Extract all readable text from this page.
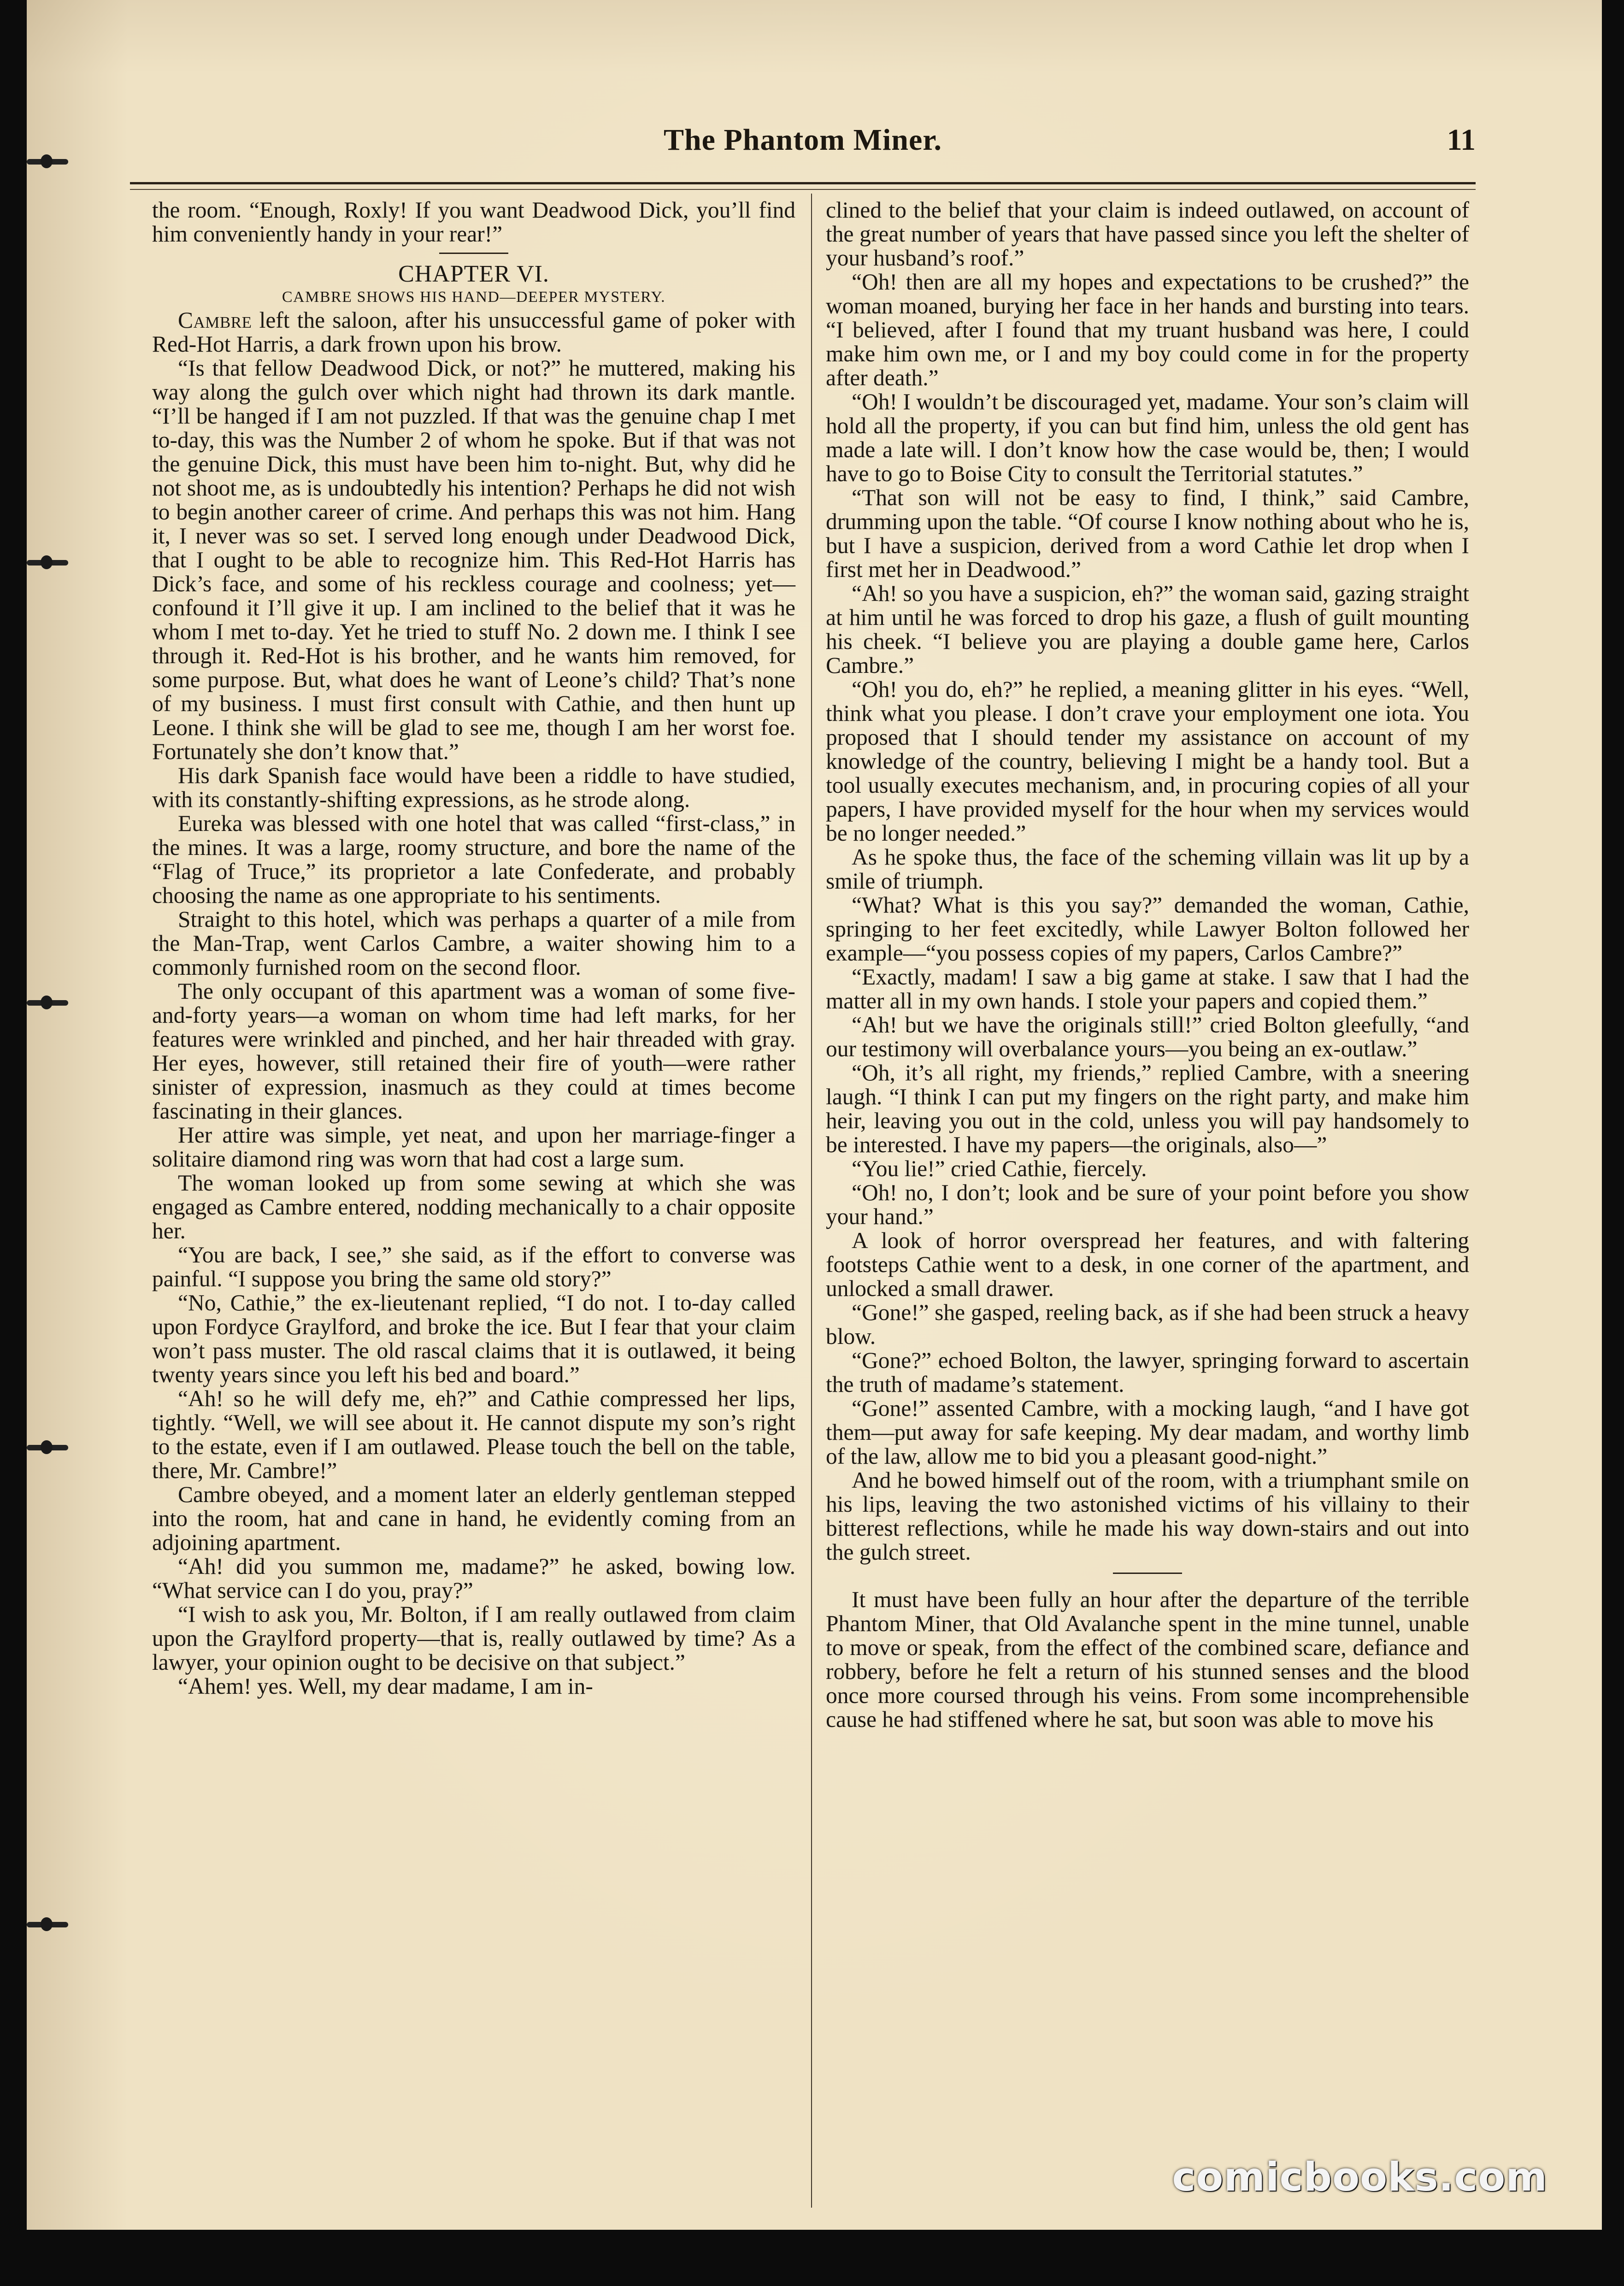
The Phantom Miner.	11

the room. “Enough, Roxly! If you want Deadwood Dick, you’ll find him conveniently handy in your rear!”

CHAPTER VI.
CAMBRE SHOWS HIS HAND—DEEPER MYSTERY.

Cambre left the saloon, after his unsuccessful game of poker with Red-Hot Harris, a dark frown upon his brow.

“Is that fellow Deadwood Dick, or not?” he muttered, making his way along the gulch over which night had thrown its dark mantle. “I’ll be hanged if I am not puzzled. If that was the genuine chap I met to-day, this was the Number 2 of whom he spoke. But if that was not the genuine Dick, this must have been him to-night. But, why did he not shoot me, as is undoubtedly his intention? Perhaps he did not wish to begin another career of crime. And perhaps this was not him. Hang it, I never was so set. I served long enough under Deadwood Dick, that I ought to be able to recognize him. This Red-Hot Harris has Dick’s face, and some of his reckless courage and coolness; yet—confound it I’ll give it up. I am inclined to the belief that it was he whom I met to-day. Yet he tried to stuff No. 2 down me. I think I see through it. Red-Hot is his brother, and he wants him removed, for some purpose. But, what does he want of Leone’s child? That’s none of my business. I must first consult with Cathie, and then hunt up Leone. I think she will be glad to see me, though I am her worst foe. Fortunately she don’t know that.”

His dark Spanish face would have been a riddle to have studied, with its constantly-shifting expressions, as he strode along.

Eureka was blessed with one hotel that was called “first-class,” in the mines. It was a large, roomy structure, and bore the name of the “Flag of Truce,” its proprietor a late Confederate, and probably choosing the name as one appropriate to his sentiments.

Straight to this hotel, which was perhaps a quarter of a mile from the Man-Trap, went Carlos Cambre, a waiter showing him to a commonly furnished room on the second floor.

The only occupant of this apartment was a woman of some five-and-forty years—a woman on whom time had left marks, for her features were wrinkled and pinched, and her hair threaded with gray. Her eyes, however, still retained their fire of youth—were rather sinister of expression, inasmuch as they could at times become fascinating in their glances.

Her attire was simple, yet neat, and upon her marriage-finger a solitaire diamond ring was worn that had cost a large sum.

The woman looked up from some sewing at which she was engaged as Cambre entered, nodding mechanically to a chair opposite her.

“You are back, I see,” she said, as if the effort to converse was painful. “I suppose you bring the same old story?”

“No, Cathie,” the ex-lieutenant replied, “I do not. I to-day called upon Fordyce Graylford, and broke the ice. But I fear that your claim won’t pass muster. The old rascal claims that it is outlawed, it being twenty years since you left his bed and board.”

“Ah! so he will defy me, eh?” and Cathie compressed her lips, tightly. “Well, we will see about it. He cannot dispute my son’s right to the estate, even if I am outlawed. Please touch the bell on the table, there, Mr. Cambre!”

Cambre obeyed, and a moment later an elderly gentleman stepped into the room, hat and cane in hand, he evidently coming from an adjoining apartment.

“Ah! did you summon me, madame?” he asked, bowing low. “What service can I do you, pray?”

“I wish to ask you, Mr. Bolton, if I am really outlawed from claim upon the Graylford property—that is, really outlawed by time? As a lawyer, your opinion ought to be decisive on that subject.”

“Ahem! yes. Well, my dear madame, I am in-

clined to the belief that your claim is indeed outlawed, on account of the great number of years that have passed since you left the shelter of your husband’s roof.”

“Oh! then are all my hopes and expectations to be crushed?” the woman moaned, burying her face in her hands and bursting into tears. “I believed, after I found that my truant husband was here, I could make him own me, or I and my boy could come in for the property after death.”

“Oh! I wouldn’t be discouraged yet, madame. Your son’s claim will hold all the property, if you can but find him, unless the old gent has made a late will. I don’t know how the case would be, then; I would have to go to Boise City to consult the Territorial statutes.”

“That son will not be easy to find, I think,” said Cambre, drumming upon the table. “Of course I know nothing about who he is, but I have a suspicion, derived from a word Cathie let drop when I first met her in Deadwood.”

“Ah! so you have a suspicion, eh?” the woman said, gazing straight at him until he was forced to drop his gaze, a flush of guilt mounting his cheek. “I believe you are playing a double game here, Carlos Cambre.”

“Oh! you do, eh?” he replied, a meaning glitter in his eyes. “Well, think what you please. I don’t crave your employment one iota. You proposed that I should tender my assistance on account of my knowledge of the country, believing I might be a handy tool. But a tool usually executes mechanism, and, in procuring copies of all your papers, I have provided myself for the hour when my services would be no longer needed.”

As he spoke thus, the face of the scheming villain was lit up by a smile of triumph.

“What? What is this you say?” demanded the woman, Cathie, springing to her feet excitedly, while Lawyer Bolton followed her example—“you possess copies of my papers, Carlos Cambre?”

“Exactly, madam! I saw a big game at stake. I saw that I had the matter all in my own hands. I stole your papers and copied them.”

“Ah! but we have the originals still!” cried Bolton gleefully, “and our testimony will overbalance yours—you being an ex-outlaw.”

“Oh, it’s all right, my friends,” replied Cambre, with a sneering laugh. “I think I can put my fingers on the right party, and make him heir, leaving you out in the cold, unless you will pay handsomely to be interested. I have my papers—the originals, also—”

“You lie!” cried Cathie, fiercely.

“Oh! no, I don’t; look and be sure of your point before you show your hand.”

A look of horror overspread her features, and with faltering footsteps Cathie went to a desk, in one corner of the apartment, and unlocked a small drawer.

“Gone!” she gasped, reeling back, as if she had been struck a heavy blow.

“Gone?” echoed Bolton, the lawyer, springing forward to ascertain the truth of madame’s statement.

“Gone!” assented Cambre, with a mocking laugh, “and I have got them—put away for safe keeping. My dear madam, and worthy limb of the law, allow me to bid you a pleasant good-night.”

And he bowed himself out of the room, with a triumphant smile on his lips, leaving the two astonished victims of his villainy to their bitterest reflections, while he made his way down-stairs and out into the gulch street.

It must have been fully an hour after the departure of the terrible Phantom Miner, that Old Avalanche spent in the mine tunnel, unable to move or speak, from the effect of the combined scare, defiance and robbery, before he felt a return of his stunned senses and the blood once more coursed through his veins. From some incomprehensible cause he had stiffened where he sat, but soon was able to move his

comicbooks.com
